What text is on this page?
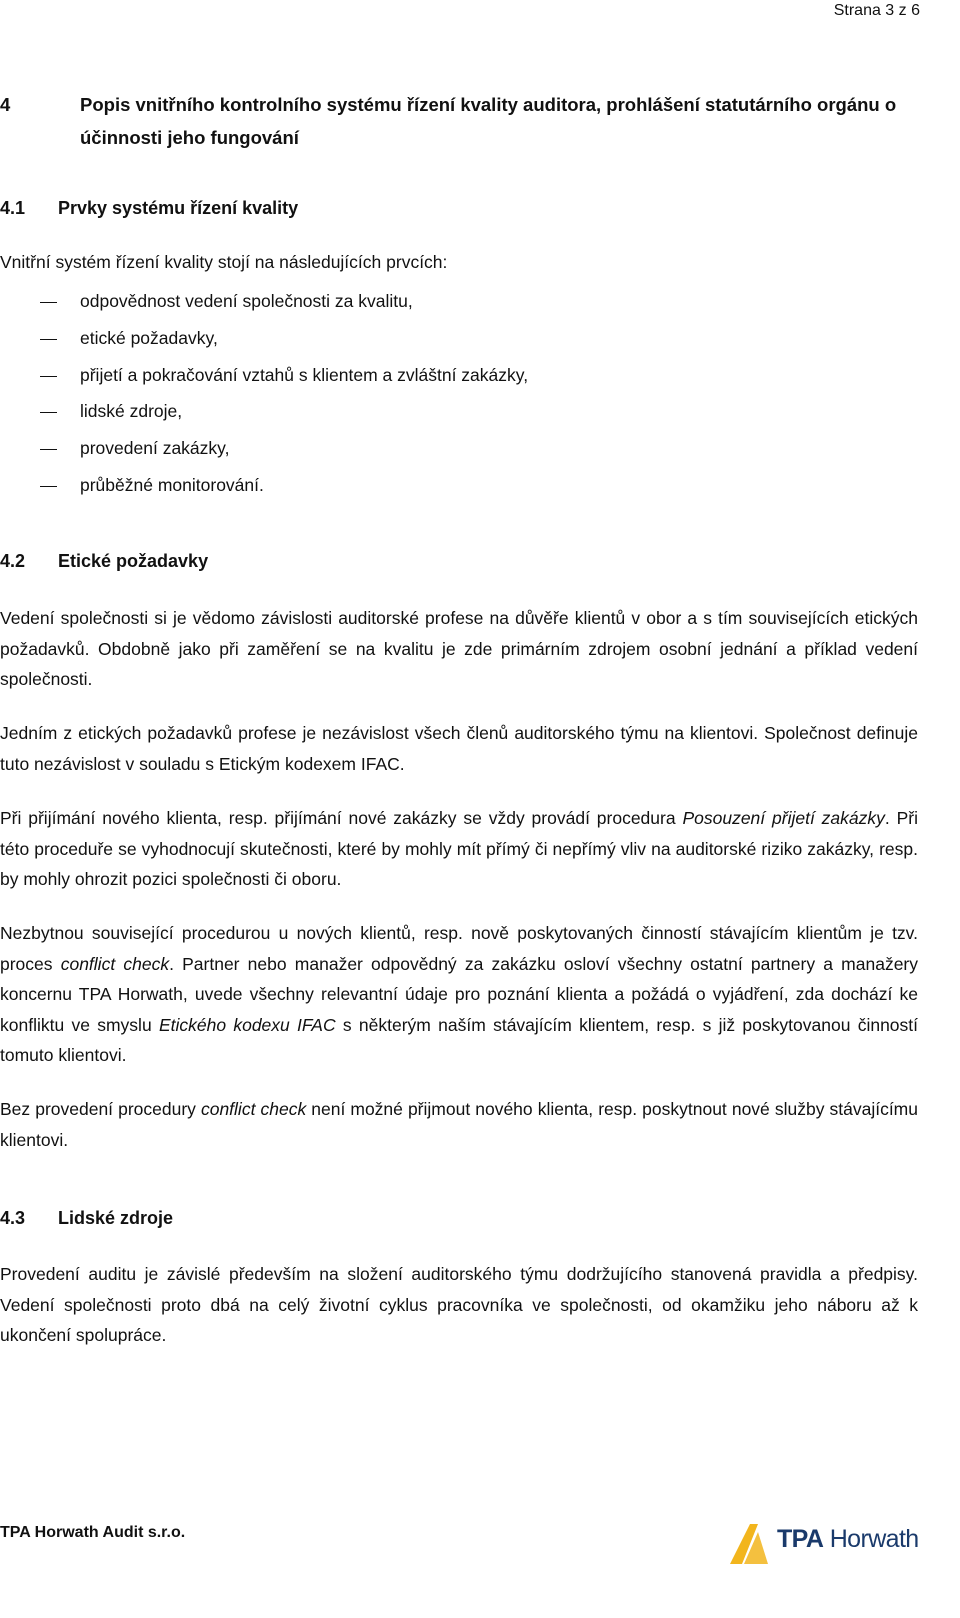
Strana 3 z 6
4	Popis vnitřního kontrolního systému řízení kvality auditora, prohlášení statutárního orgánu o účinnosti jeho fungování
4.1 Prvky systému řízení kvality
Vnitřní systém řízení kvality stojí na následujících prvcích:
odpovědnost vedení společnosti za kvalitu,
etické požadavky,
přijetí a pokračování vztahů s klientem a zvláštní zakázky,
lidské zdroje,
provedení zakázky,
průběžné monitorování.
4.2 Etické požadavky
Vedení společnosti si je vědomo závislosti auditorské profese na důvěře klientů v obor a s tím souvisejících etických požadavků. Obdobně jako při zaměření se na kvalitu je zde primárním zdrojem osobní jednání a příklad vedení společnosti.
Jedním z etických požadavků profese je nezávislost všech členů auditorského týmu na klientovi. Společnost definuje tuto nezávislost v souladu s Etickým kodexem IFAC.
Při přijímání nového klienta, resp. přijímání nové zakázky se vždy provádí procedura Posouzení přijetí zakázky. Při této proceduře se vyhodnocují skutečnosti, které by mohly mít přímý či nepřímý vliv na auditorské riziko zakázky, resp. by mohly ohrozit pozici společnosti či oboru.
Nezbytnou související procedurou u nových klientů, resp. nově poskytovaných činností stávajícím klientům je tzv. proces conflict check. Partner nebo manažer odpovědný za zakázku osloví všechny ostatní partnery a manažery koncernu TPA Horwath, uvede všechny relevantní údaje pro poznání klienta a požádá o vyjádření, zda dochází ke konfliktu ve smyslu Etického kodexu IFAC s některým naším stávajícím klientem, resp. s již poskytovanou činností tomuto klientovi.
Bez provedení procedury conflict check není možné přijmout nového klienta, resp. poskytnout nové služby stávajícímu klientovi.
4.3 Lidské zdroje
Provedení auditu je závislé především na složení auditorského týmu dodržujícího stanovená pravidla a předpisy. Vedení společnosti proto dbá na celý životní cyklus pracovníka ve společnosti, od okamžiku jeho náboru až k ukončení spolupráce.
TPA Horwath Audit s.r.o.	TPA Horwath
